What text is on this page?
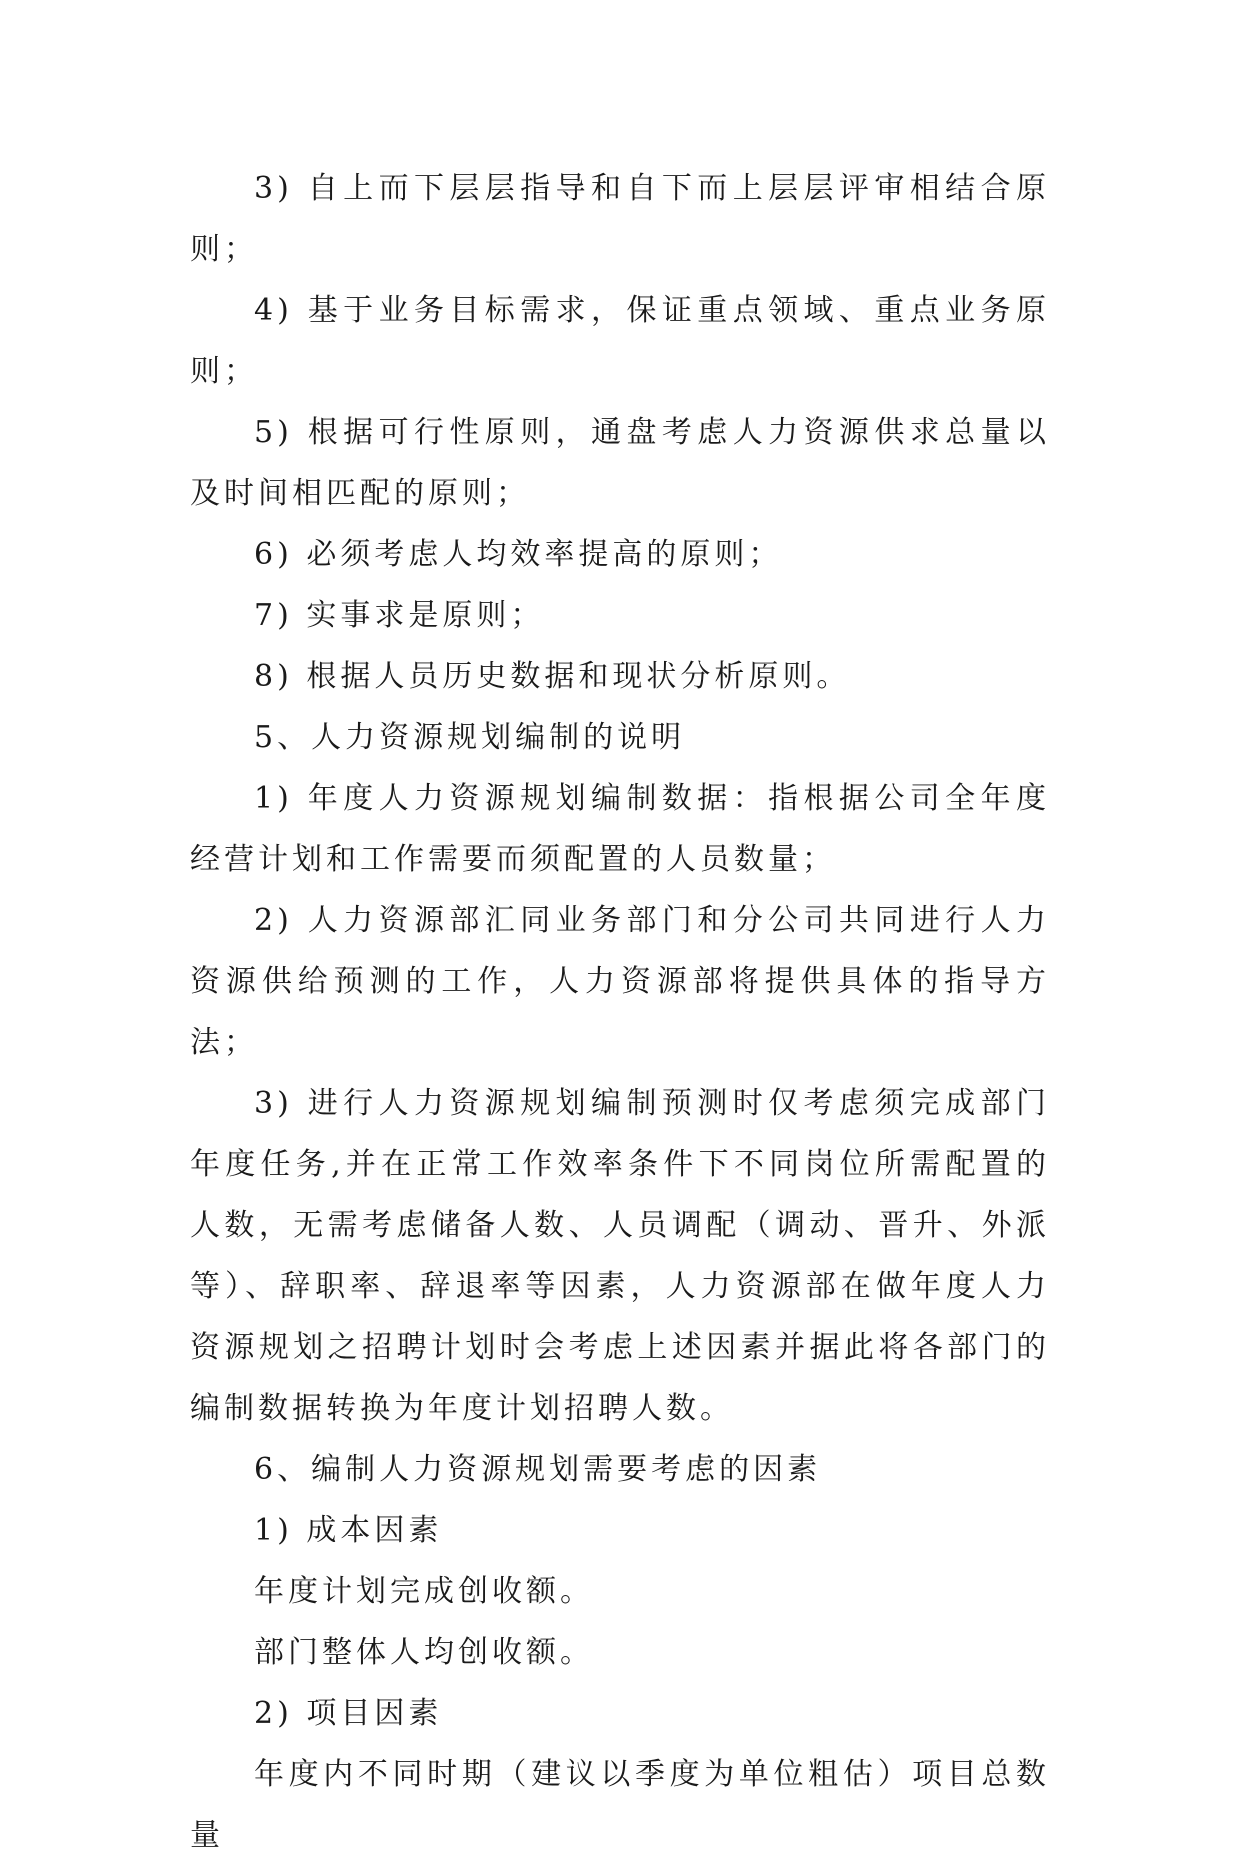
3) 自上而下层层指导和自下而上层层评审相结合原则；

4) 基于业务目标需求，保证重点领域、重点业务原则；

5) 根据可行性原则，通盘考虑人力资源供求总量以及时间相匹配的原则；

6) 必须考虑人均效率提高的原则；

7) 实事求是原则；

8) 根据人员历史数据和现状分析原则。

5、人力资源规划编制的说明

1) 年度人力资源规划编制数据：指根据公司全年度经营计划和工作需要而须配置的人员数量；

2) 人力资源部汇同业务部门和分公司共同进行人力资源供给预测的工作，人力资源部将提供具体的指导方法；

3) 进行人力资源规划编制预测时仅考虑须完成部门年度任务,并在正常工作效率条件下不同岗位所需配置的人数，无需考虑储备人数、人员调配（调动、晋升、外派等）、辞职率、辞退率等因素，人力资源部在做年度人力资源规划之招聘计划时会考虑上述因素并据此将各部门的编制数据转换为年度计划招聘人数。

6、编制人力资源规划需要考虑的因素

1) 成本因素

年度计划完成创收额。

部门整体人均创收额。

2) 项目因素

年度内不同时期（建议以季度为单位粗估）项目总数量
